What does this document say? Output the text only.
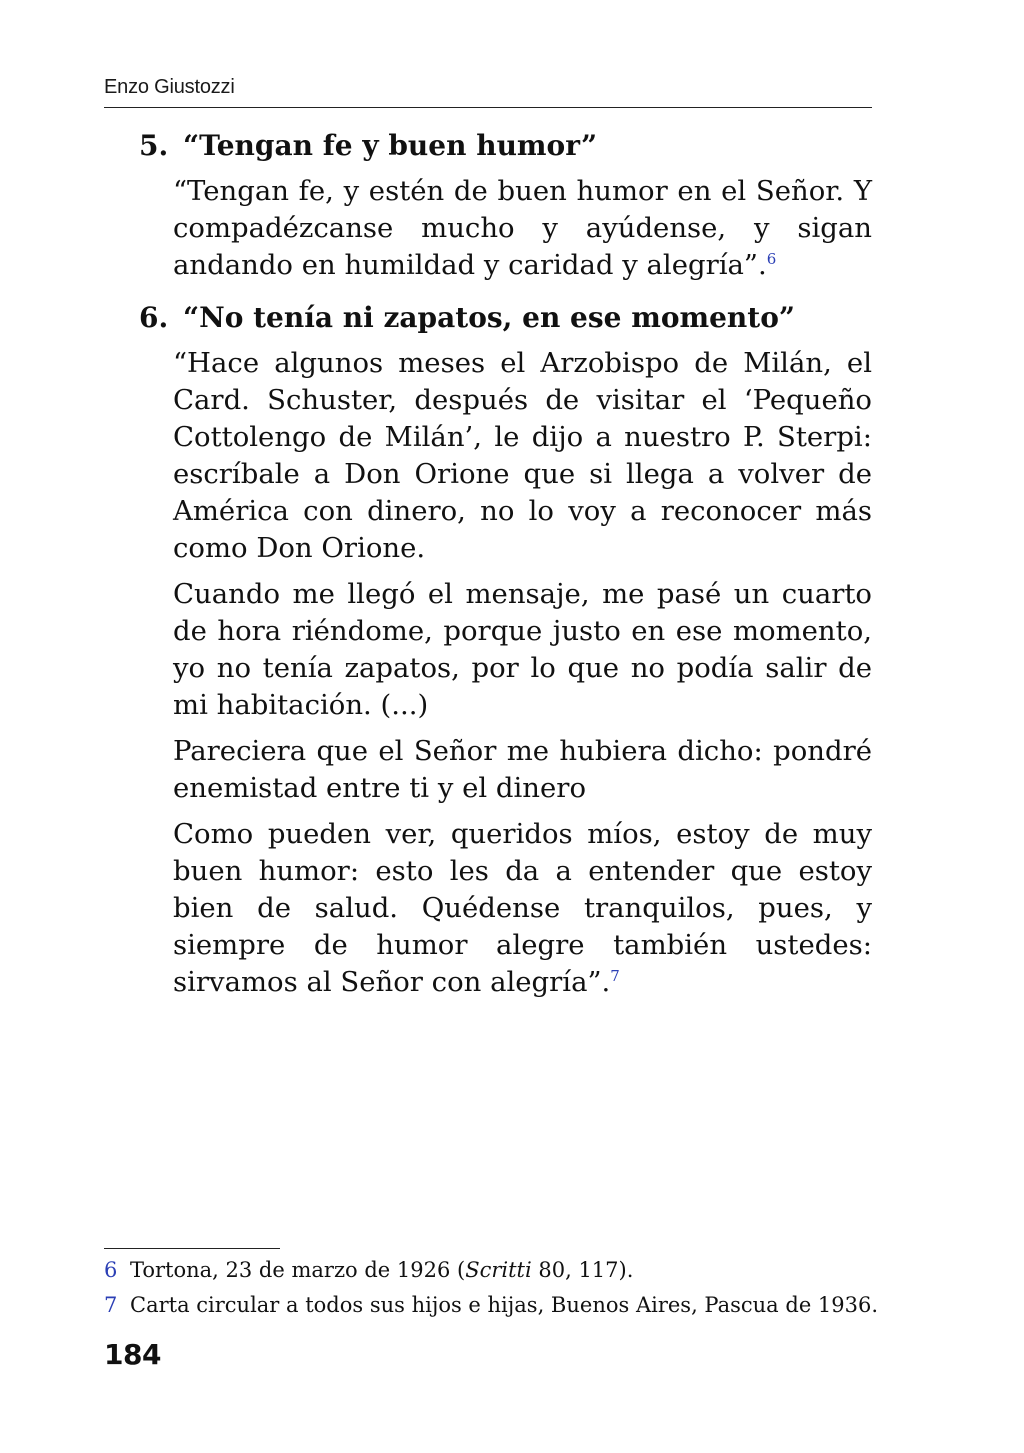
Enzo Giustozzi
5. “Tengan fe y buen humor”

“Tengan fe, y estén de buen humor en el Señor. Y compadézcanse mucho y ayúdense, y sigan andando en humildad y caridad y alegría”.$^6$

6. “No tenía ni zapatos, en ese momento”

“Hace algunos meses el Arzobispo de Milán, el Card. Schuster, después de visitar el ‘Pequeño Cottolengo de Milán’, le dijo a nuestro P. Sterpi: escríbale a Don Orione que si llega a volver de América con dinero, no lo voy a reconocer más como Don Orione.

Cuando me llegó el mensaje, me pasé un cuarto de hora riéndome, porque justo en ese momento, yo no tenía zapatos, por lo que no podía salir de mi habitación. (...)

Pareciera que el Señor me hubiera dicho: pondré enemistad entre ti y el dinero

Como pueden ver, queridos míos, estoy de muy buen humor: esto les da a entender que estoy bien de salud. Quédense tranquilos, pues, y siempre de humor alegre también ustedes: sirvamos al Señor con alegría”.$^7$

6 Tortona, 23 de marzo de 1926 (Scritti 80, 117).
7 Carta circular a todos sus hijos e hijas, Buenos Aires, Pascua de 1936.
184
